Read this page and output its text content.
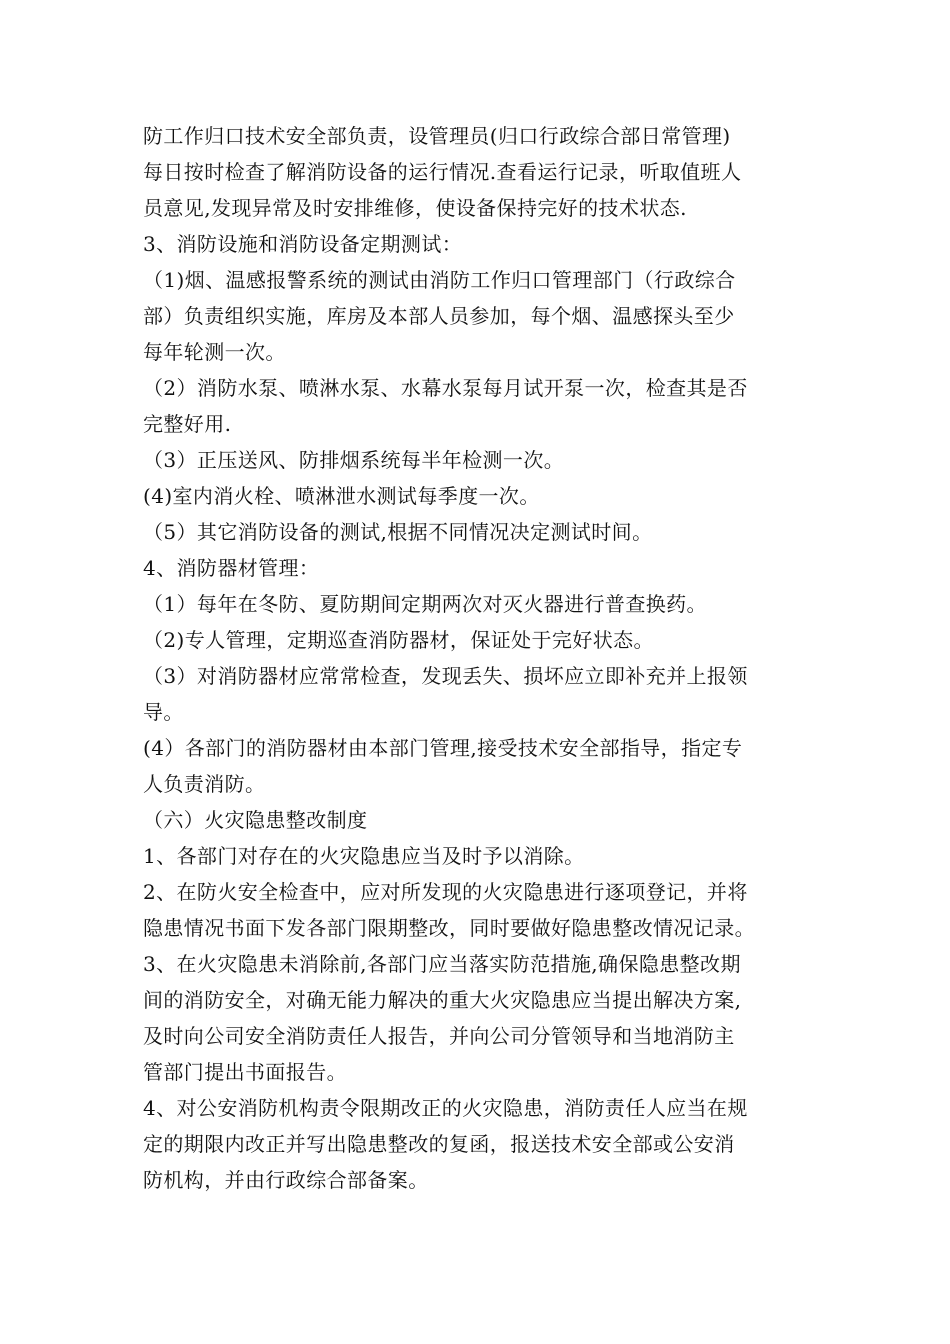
防工作归口技术安全部负责，设管理员(归口行政综合部日常管理)
每日按时检查了解消防设备的运行情况.查看运行记录，听取值班人
员意见,发现异常及时安排维修，使设备保持完好的技术状态.
3、消防设施和消防设备定期测试：
（1)烟、温感报警系统的测试由消防工作归口管理部门（行政综合
部）负责组织实施，库房及本部人员参加，每个烟、温感探头至少
每年轮测一次。
（2）消防水泵、喷淋水泵、水幕水泵每月试开泵一次，检查其是否
完整好用.
（3）正压送风、防排烟系统每半年检测一次。
(4)室内消火栓、喷淋泄水测试每季度一次。
（5）其它消防设备的测试,根据不同情况决定测试时间。
4、消防器材管理：
（1）每年在冬防、夏防期间定期两次对灭火器进行普查换药。
（2)专人管理，定期巡查消防器材，保证处于完好状态。
（3）对消防器材应常常检查，发现丢失、损坏应立即补充并上报领
导。
(4）各部门的消防器材由本部门管理,接受技术安全部指导，指定专
人负责消防。
（六）火灾隐患整改制度
1、各部门对存在的火灾隐患应当及时予以消除。
2、在防火安全检查中，应对所发现的火灾隐患进行逐项登记，并将
隐患情况书面下发各部门限期整改，同时要做好隐患整改情况记录。
3、在火灾隐患未消除前,各部门应当落实防范措施,确保隐患整改期
间的消防安全，对确无能力解决的重大火灾隐患应当提出解决方案,
及时向公司安全消防责任人报告，并向公司分管领导和当地消防主
管部门提出书面报告。
4、对公安消防机构责令限期改正的火灾隐患，消防责任人应当在规
定的期限内改正并写出隐患整改的复函，报送技术安全部或公安消
防机构，并由行政综合部备案。
